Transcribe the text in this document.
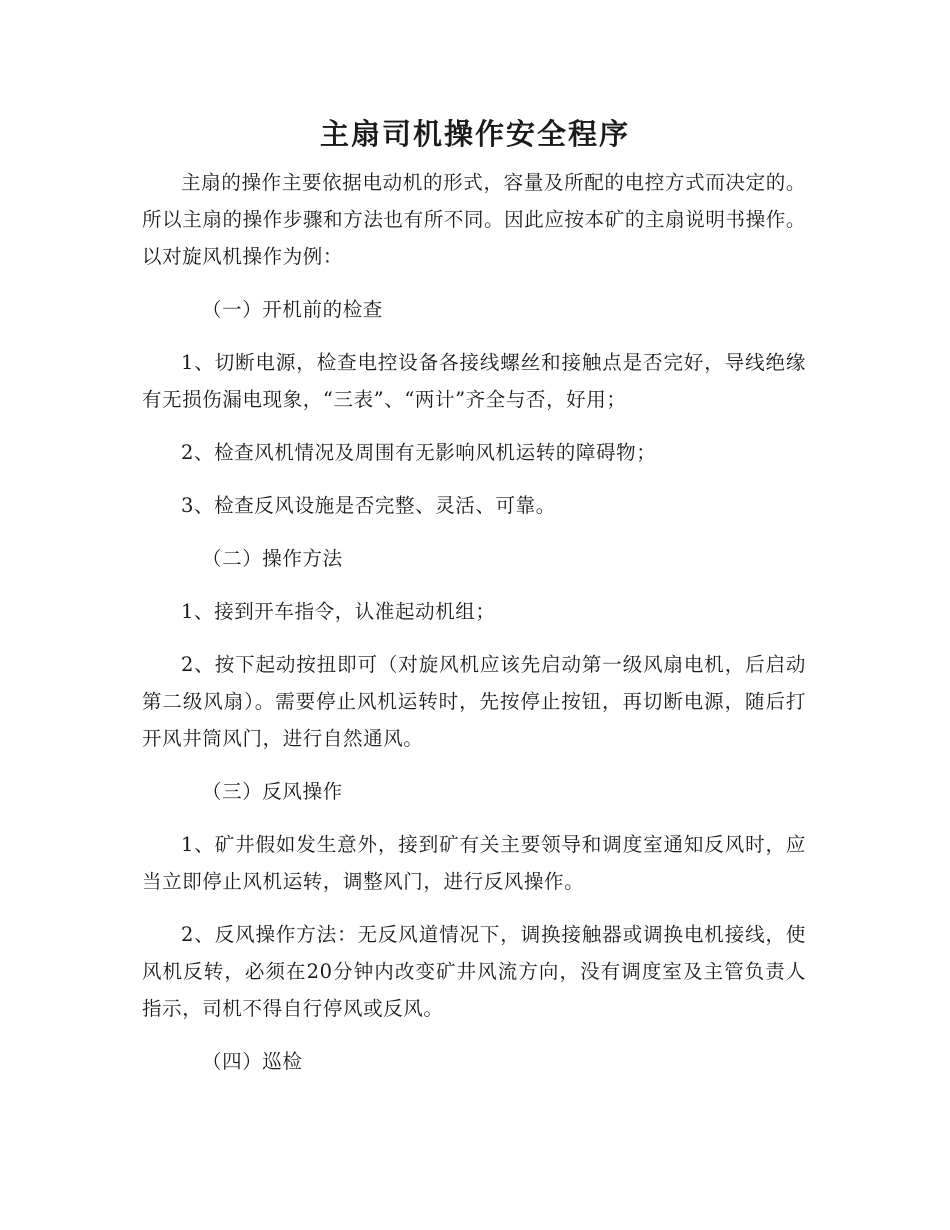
主扇司机操作安全程序

主扇的操作主要依据电动机的形式，容量及所配的电控方式而决定的。所以主扇的操作步骤和方法也有所不同。因此应按本矿的主扇说明书操作。以对旋风机操作为例：

（一）开机前的检查

1、切断电源，检查电控设备各接线螺丝和接触点是否完好，导线绝缘有无损伤漏电现象，“三表”、“两计”齐全与否，好用；

2、检查风机情况及周围有无影响风机运转的障碍物；

3、检查反风设施是否完整、灵活、可靠。

（二）操作方法

1、接到开车指令，认准起动机组；

2、按下起动按扭即可（对旋风机应该先启动第一级风扇电机，后启动第二级风扇）。需要停止风机运转时，先按停止按钮，再切断电源，随后打开风井筒风门，进行自然通风。

（三）反风操作

1、矿井假如发生意外，接到矿有关主要领导和调度室通知反风时，应当立即停止风机运转，调整风门，进行反风操作。

2、反风操作方法：无反风道情况下，调换接触器或调换电机接线，使风机反转，必须在20分钟内改变矿井风流方向，没有调度室及主管负责人指示，司机不得自行停风或反风。

（四）巡检
